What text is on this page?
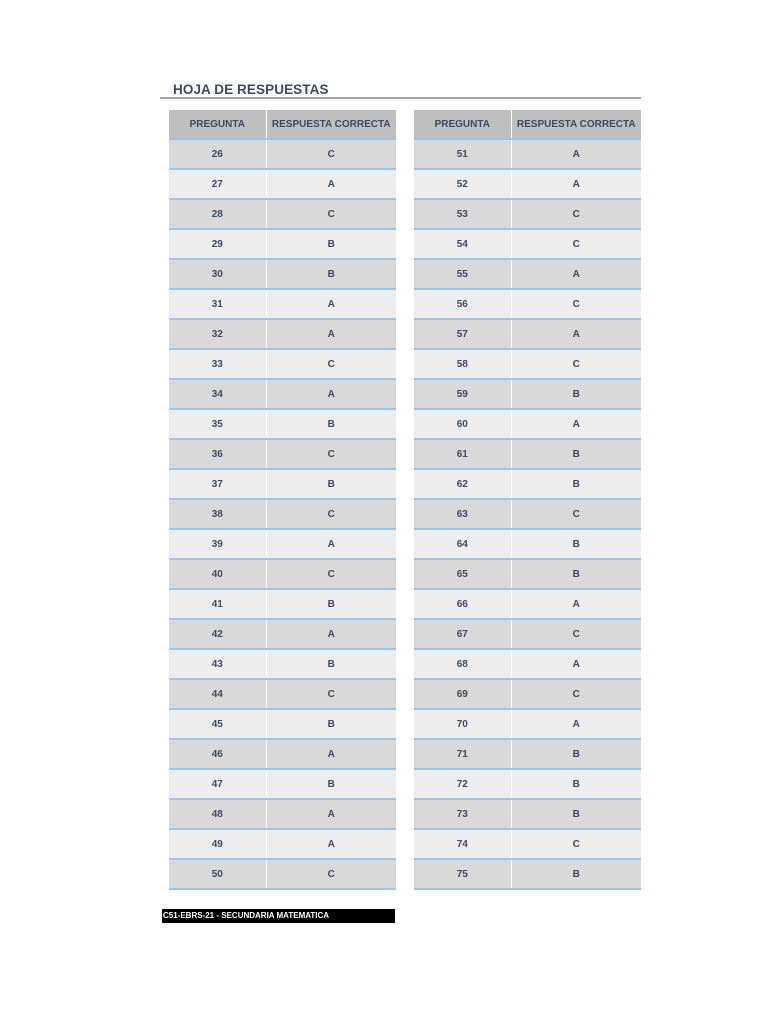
HOJA DE RESPUESTAS
PREGUNTA	RESPUESTA CORRECTA
26	C
27	A
28	C
29	B
30	B
31	A
32	A
33	C
34	A
35	B
36	C
37	B
38	C
39	A
40	C
41	B
42	A
43	B
44	C
45	B
46	A
47	B
48	A
49	A
50	C
PREGUNTA	RESPUESTA CORRECTA
51	A
52	A
53	C
54	C
55	A
56	C
57	A
58	C
59	B
60	A
61	B
62	B
63	C
64	B
65	B
66	A
67	C
68	A
69	C
70	A
71	B
72	B
73	B
74	C
75	B
C51-EBRS-21 - SECUNDARIA MATEMATICA
